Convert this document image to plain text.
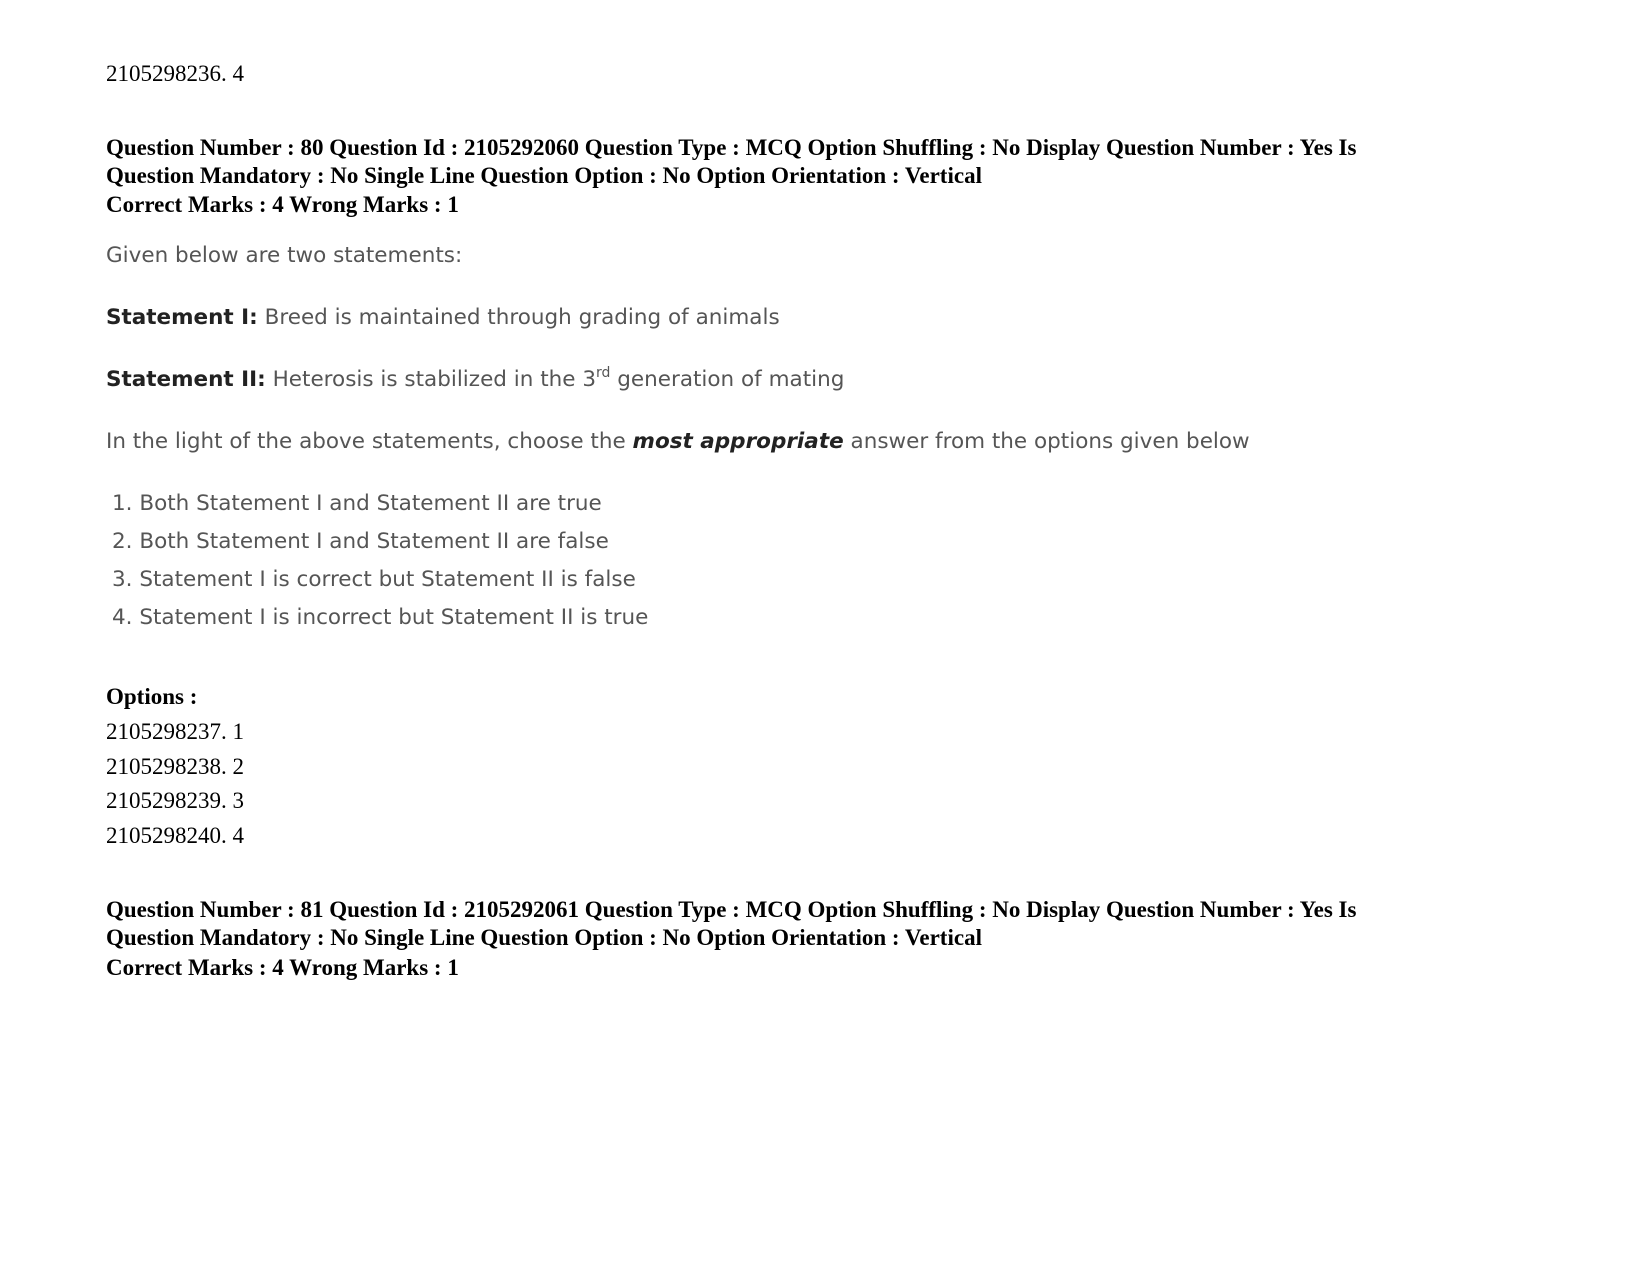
2105298236. 4
Question Number : 80 Question Id : 2105292060 Question Type : MCQ Option Shuffling : No Display Question Number : Yes Is
Question Mandatory : No Single Line Question Option : No Option Orientation : Vertical
Correct Marks : 4 Wrong Marks : 1

Given below are two statements:

Statement I: Breed is maintained through grading of animals

Statement II: Heterosis is stabilized in the 3rd generation of mating

In the light of the above statements, choose the most appropriate answer from the options given below

1. Both Statement I and Statement II are true
2. Both Statement I and Statement II are false
3. Statement I is correct but Statement II is false
4. Statement I is incorrect but Statement II is true
Options :
2105298237. 1
2105298238. 2
2105298239. 3
2105298240. 4
Question Number : 81 Question Id : 2105292061 Question Type : MCQ Option Shuffling : No Display Question Number : Yes Is
Question Mandatory : No Single Line Question Option : No Option Orientation : Vertical
Correct Marks : 4 Wrong Marks : 1
